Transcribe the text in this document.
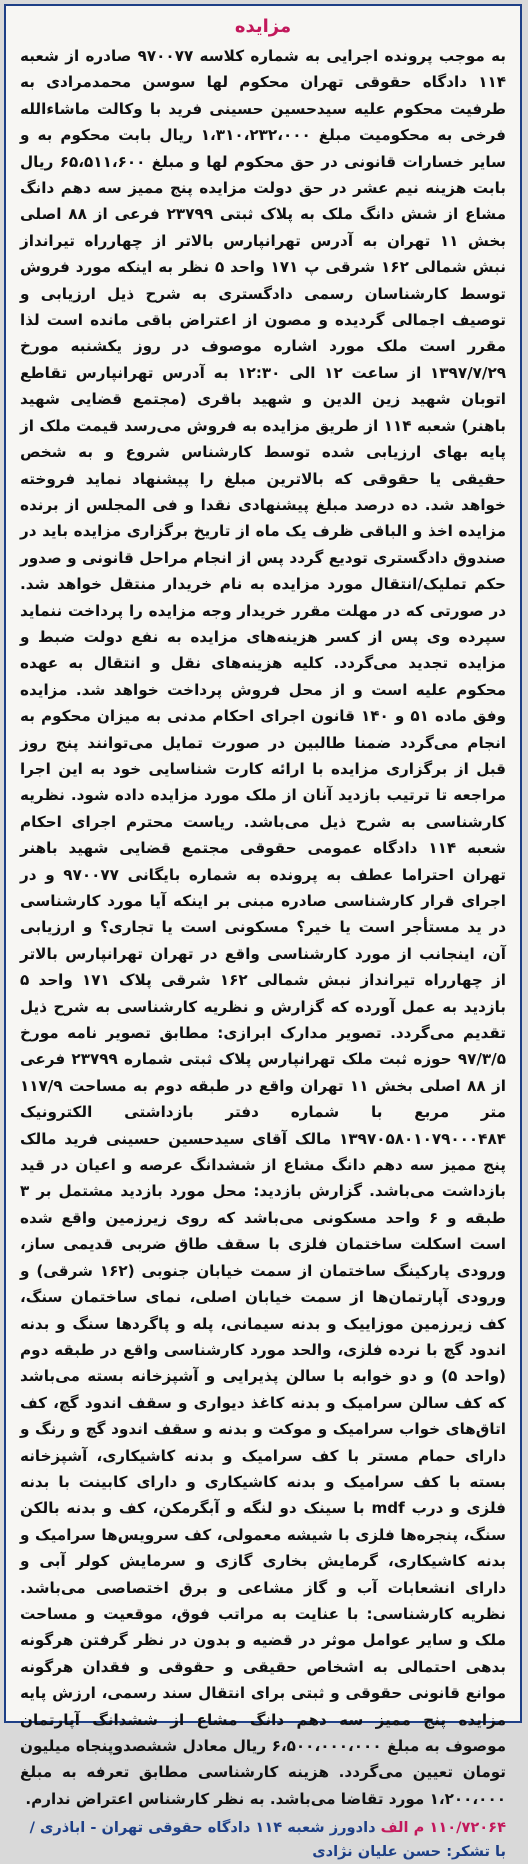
مزایده

به موجب پرونده اجرایی به شماره کلاسه ۹۷۰۰۷۷ صادره از شعبه ۱۱۴ دادگاه حقوقی تهران محکوم لها سوسن محمدمرادی به طرفیت محکوم علیه سیدحسین حسینی فرید با وکالت ماشاءالله فرخی به محکومیت مبلغ ۱،۳۱۰،۲۳۲،۰۰۰ ریال بابت محکوم به و سایر خسارات قانونی در حق محکوم لها و مبلغ ۶۵،۵۱۱،۶۰۰ ریال بابت هزینه نیم عشر در حق دولت مزایده پنج ممیز سه دهم دانگ مشاع از شش دانگ ملک به پلاک ثبتی ۲۳۷۹۹ فرعی از ۸۸ اصلی بخش ۱۱ تهران به آدرس تهرانپارس بالاتر از چهارراه تیرانداز نبش شمالی ۱۶۲ شرقی پ ۱۷۱ واحد ۵ نظر به اینکه مورد فروش توسط کارشناسان رسمی دادگستری به شرح ذیل ارزیابی و توصیف اجمالی گردیده و مصون از اعتراض باقی مانده است لذا مقرر است ملک مورد اشاره موصوف در روز یکشنبه مورخ ۱۳۹۷/۷/۲۹ از ساعت ۱۲ الی ۱۲:۳۰ به آدرس تهرانپارس تقاطع اتوبان شهید زین الدین و شهید باقری (مجتمع قضایی شهید باهنر) شعبه ۱۱۴ از طریق مزایده به فروش می‌رسد قیمت ملک از پایه بهای ارزیابی شده توسط کارشناس شروع و به شخص حقیقی یا حقوقی که بالاترین مبلغ را پیشنهاد نماید فروخته خواهد شد. ده درصد مبلغ پیشنهادی نقدا و فی المجلس از برنده مزایده اخذ و الباقی ظرف یک ماه از تاریخ برگزاری مزایده باید در صندوق دادگستری تودیع گردد پس از انجام مراحل قانونی و صدور حکم تملیک/انتقال مورد مزایده به نام خریدار منتقل خواهد شد. در صورتی که در مهلت مقرر خریدار وجه مزایده را پرداخت ننماید سپرده وی پس از کسر هزینه‌های مزایده به نفع دولت ضبط و مزایده تجدید می‌گردد. کلیه هزینه‌های نقل و انتقال به عهده محکوم علیه است و از محل فروش پرداخت خواهد شد. مزایده وفق ماده ۵۱ و ۱۴۰ قانون اجرای احکام مدنی به میزان محکوم به انجام می‌گردد ضمنا طالبین در صورت تمایل می‌توانند پنج روز قبل از برگزاری مزایده با ارائه کارت شناسایی خود به این اجرا مراجعه تا ترتیب بازدید آنان از ملک مورد مزایده داده شود. نظریه کارشناسی به شرح ذیل می‌باشد. ریاست محترم اجرای احکام شعبه ۱۱۴ دادگاه عمومی حقوقی مجتمع قضایی شهید باهنر تهران احتراما عطف به پرونده به شماره بایگانی ۹۷۰۰۷۷ و در اجرای قرار کارشناسی صادره مبنی بر اینکه آیا مورد کارشناسی در ید مستأجر است یا خیر؟ مسکونی است یا تجاری؟ و ارزیابی آن، اینجانب از مورد کارشناسی واقع در تهران تهرانپارس بالاتر از چهارراه تیرانداز نبش شمالی ۱۶۲ شرقی پلاک ۱۷۱ واحد ۵ بازدید به عمل آورده که گزارش و نظریه کارشناسی به شرح ذیل تقدیم می‌گردد. تصویر مدارک ابرازی: مطابق تصویر نامه مورخ ۹۷/۳/۵ حوزه ثبت ملک تهرانپارس پلاک ثبتی شماره ۲۳۷۹۹ فرعی از ۸۸ اصلی بخش ۱۱ تهران واقع در طبقه دوم به مساحت ۱۱۷/۹ متر مربع با شماره دفتر بازداشتی الکترونیک ۱۳۹۷۰۵۸۰۱۰۷۹۰۰۰۴۸۴ مالک آقای سیدحسین حسینی فرید مالک پنج ممیز سه دهم دانگ مشاع از ششدانگ عرصه و اعیان در قید بازداشت می‌باشد. گزارش بازدید: محل مورد بازدید مشتمل بر ۳ طبقه و ۶ واحد مسکونی می‌باشد که روی زیرزمین واقع شده است اسکلت ساختمان فلزی با سقف طاق ضربی قدیمی ساز، ورودی پارکینگ ساختمان از سمت خیابان جنوبی (۱۶۲ شرقی) و ورودی آپارتمان‌ها از سمت خیابان اصلی، نمای ساختمان سنگ، کف زیرزمین موزاییک و بدنه سیمانی، پله و پاگردها سنگ و بدنه اندود گچ با نرده فلزی، والحد مورد کارشناسی واقع در طبقه دوم (واحد ۵) و دو خوابه با سالن پذیرایی و آشپزخانه بسته می‌باشد که کف سالن سرامیک و بدنه کاغذ دیواری و سقف اندود گچ، کف اتاق‌های خواب سرامیک و موکت و بدنه و سقف اندود گچ و رنگ و دارای حمام مستر با کف سرامیک و بدنه کاشیکاری، آشپزخانه بسته با کف سرامیک و بدنه کاشیکاری و دارای کابینت با بدنه فلزی و درب mdf با سینک دو لنگه و آبگرمکن، کف و بدنه بالکن سنگ، پنجره‌ها فلزی با شیشه معمولی، کف سرویس‌ها سرامیک و بدنه کاشیکاری، گرمایش بخاری گازی و سرمایش کولر آبی و دارای انشعابات آب و گاز مشاعی و برق اختصاصی می‌باشد. نظریه کارشناسی: با عنایت به مراتب فوق، موقعیت و مساحت ملک و سایر عوامل موثر در قضیه و بدون در نظر گرفتن هرگونه بدهی احتمالی به اشخاص حقیقی و حقوقی و فقدان هرگونه موانع قانونی حقوقی و ثبتی برای انتقال سند رسمی، ارزش پایه مزایده پنج ممیز سه دهم دانگ مشاع از ششدانگ آپارتمان موصوف به مبلغ ۶،۵۰۰،۰۰۰،۰۰۰ ریال معادل ششصدوپنجاه میلیون تومان تعیین می‌گردد. هزینه کارشناسی مطابق تعرفه به مبلغ ۱،۲۰۰،۰۰۰ مورد تقاضا می‌باشد. به نظر کارشناس اعتراض ندارم.

۱۱۰/۷۲۰۶۴ م الف دادورز شعبه ۱۱۴ دادگاه حقوقی تهران - اباذری / با تشکر: حسن علیان نژادی
